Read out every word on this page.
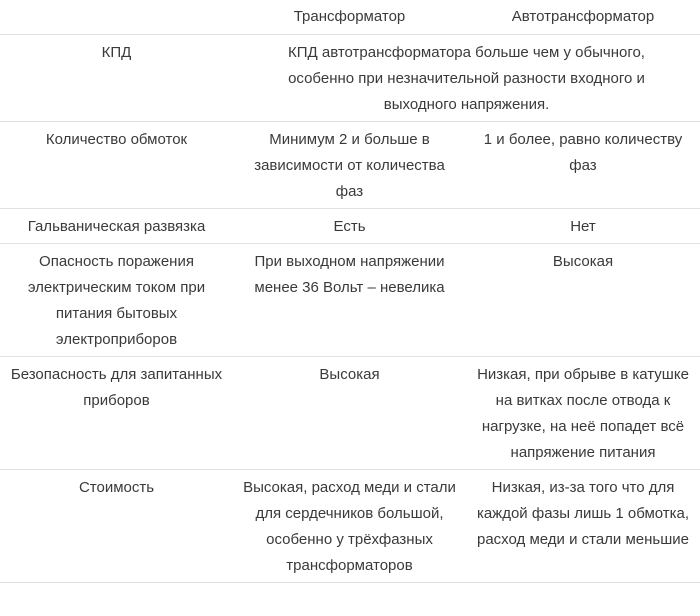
	Трансформатор	Автотрансформатор
КПД	КПД автотрансформатора больше чем у обычного, особенно при незначительной разности входного и выходного напряжения.	
Количество обмоток	Минимум 2 и больше в зависимости от количества фаз	1 и более, равно количеству фаз
Гальваническая развязка	Есть	Нет
Опасность поражения электрическим током при питания бытовых электроприборов	При выходном напряжении менее 36 Вольт – невелика	Высокая
Безопасность для запитанных приборов	Высокая	Низкая, при обрыве в катушке на витках после отвода к нагрузке, на неё попадет всё напряжение питания
Стоимость	Высокая, расход меди и стали для сердечников большой, особенно у трёхфазных трансформаторов	Низкая, из-за того что для каждой фазы лишь 1 обмотка, расход меди и стали меньшие
